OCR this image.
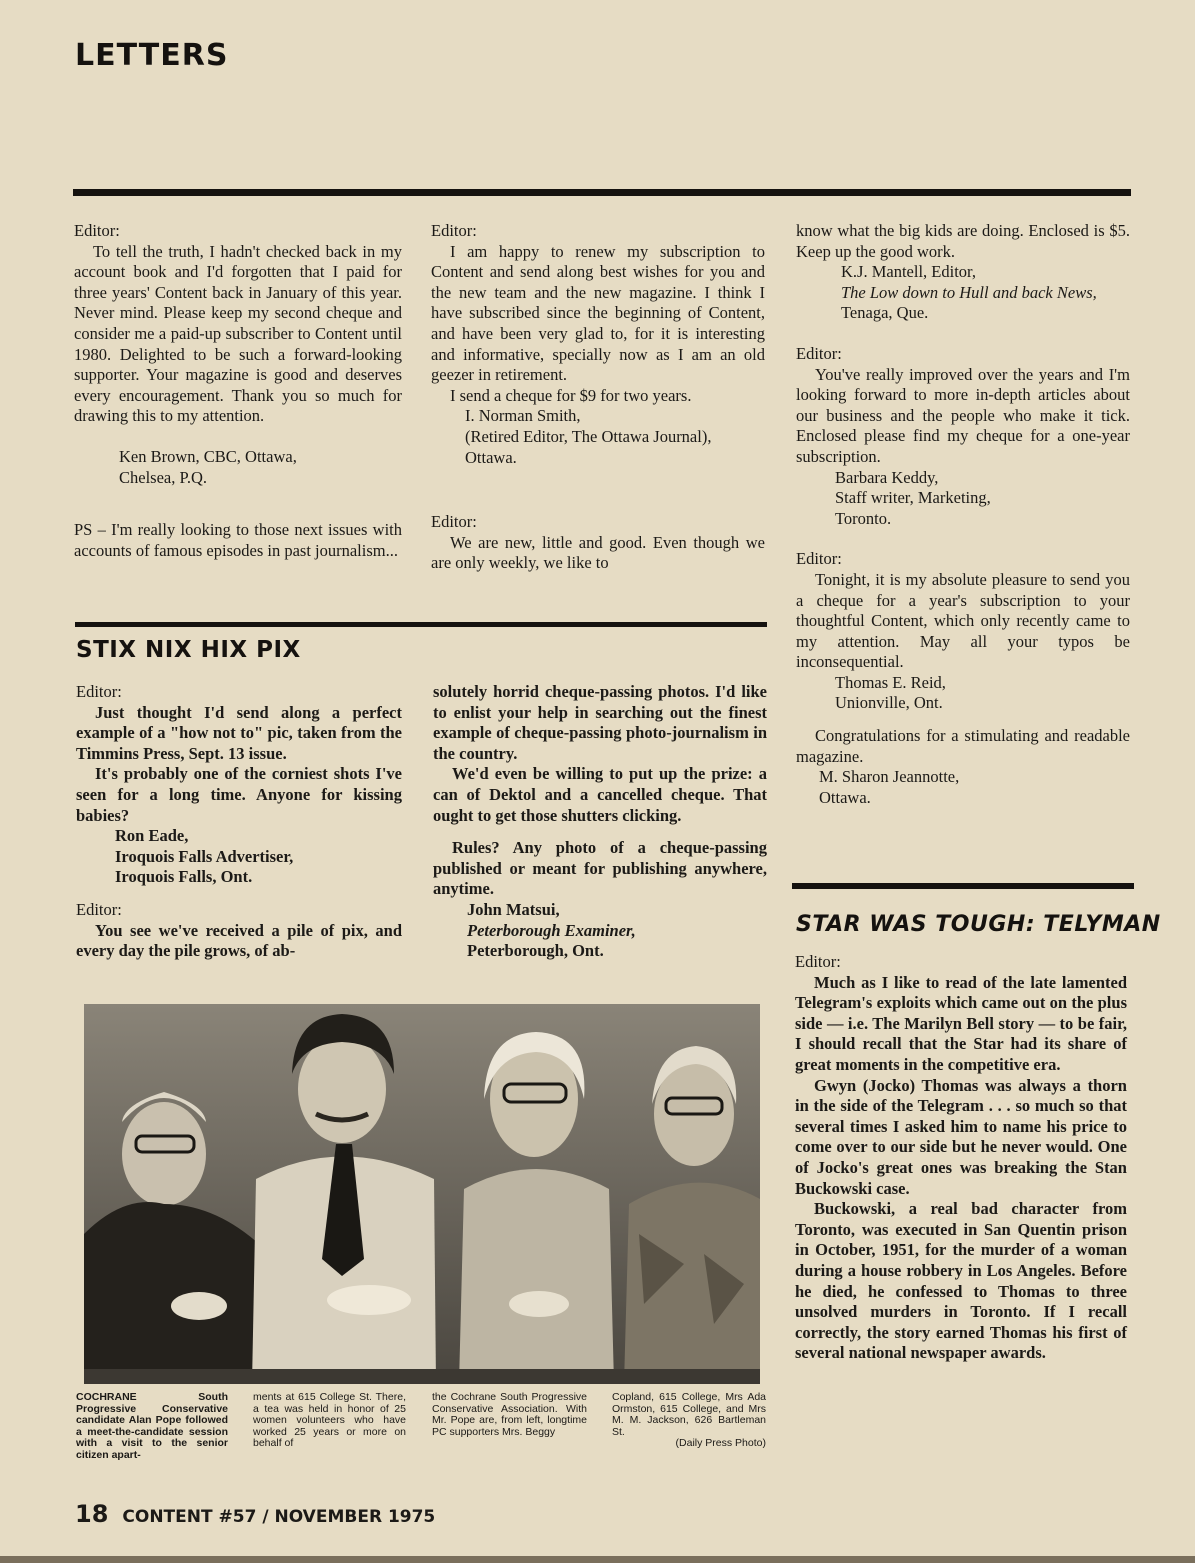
LETTERS

Editor:

To tell the truth, I hadn't checked back in my account book and I'd forgotten that I paid for three years' Content back in January of this year. Never mind. Please keep my second cheque and consider me a paid-up subscriber to Content until 1980. Delighted to be such a forward-looking supporter. Your magazine is good and deserves every encouragement. Thank you so much for drawing this to my attention.

Ken Brown, CBC, Ottawa,

Chelsea, P.Q.

PS – I'm really looking to those next issues with accounts of famous episodes in past journalism...

Editor:

I am happy to renew my subscription to Content and send along best wishes for you and the new team and the new magazine. I think I have subscribed since the beginning of Content, and have been very glad to, for it is interesting and informative, specially now as I am an old geezer in retirement.

I send a cheque for $9 for two years.

I. Norman Smith,

(Retired Editor, The Ottawa Journal), Ottawa.

Editor:

We are new, little and good. Even though we are only weekly, we like to

know what the big kids are doing. Enclosed is $5. Keep up the good work.

K.J. Mantell, Editor,

The Low down to Hull and back News,

Tenaga, Que.

Editor:

You've really improved over the years and I'm looking forward to more in-depth articles about our business and the people who make it tick. Enclosed please find my cheque for a one-year subscription.

Barbara Keddy,

Staff writer, Marketing,

Toronto.

Editor:

Tonight, it is my absolute pleasure to send you a cheque for a year's subscription to your thoughtful Content, which only recently came to my attention. May all your typos be inconsequential.

Thomas E. Reid,

Unionville, Ont.

Congratulations for a stimulating and readable magazine.

M. Sharon Jeannotte,

Ottawa.

STIX NIX HIX PIX

Editor:

Just thought I'd send along a perfect example of a "how not to" pic, taken from the Timmins Press, Sept. 13 issue.

It's probably one of the corniest shots I've seen for a long time. Anyone for kissing babies?

Ron Eade,

Iroquois Falls Advertiser,

Iroquois Falls, Ont.

Editor:

You see we've received a pile of pix, and every day the pile grows, of ab-

solutely horrid cheque-passing photos. I'd like to enlist your help in searching out the finest example of cheque-passing photo-journalism in the country.

We'd even be willing to put up the prize: a can of Dektol and a cancelled cheque. That ought to get those shutters clicking.

Rules? Any photo of a cheque-passing published or meant for publishing anywhere, anytime.

John Matsui,

Peterborough Examiner,

Peterborough, Ont.

COCHRANE South Progressive Conservative candidate Alan Pope followed a meet-the-candidate session with a visit to the senior citizen apart-
ments at 615 College St. There, a tea was held in honor of 25 women volunteers who have worked 25 years or more on behalf of
the Cochrane South Progressive Conservative Association. With Mr. Pope are, from left, longtime PC supporters Mrs. Beggy
Copland, 615 College, Mrs Ada Ormston, 615 College, and Mrs M. M. Jackson, 626 Bartleman St.
(Daily Press Photo)
STAR WAS TOUGH: TELYMAN

Editor:

Much as I like to read of the late lamented Telegram's exploits which came out on the plus side — i.e. The Marilyn Bell story — to be fair, I should recall that the Star had its share of great moments in the competitive era.

Gwyn (Jocko) Thomas was always a thorn in the side of the Telegram . . . so much so that several times I asked him to name his price to come over to our side but he never would. One of Jocko's great ones was breaking the Stan Buckowski case.

Buckowski, a real bad character from Toronto, was executed in San Quentin prison in October, 1951, for the murder of a woman during a house robbery in Los Angeles. Before he died, he confessed to Thomas to three unsolved murders in Toronto. If I recall correctly, the story earned Thomas his first of several national newspaper awards.

18 CONTENT #57 / NOVEMBER 1975
